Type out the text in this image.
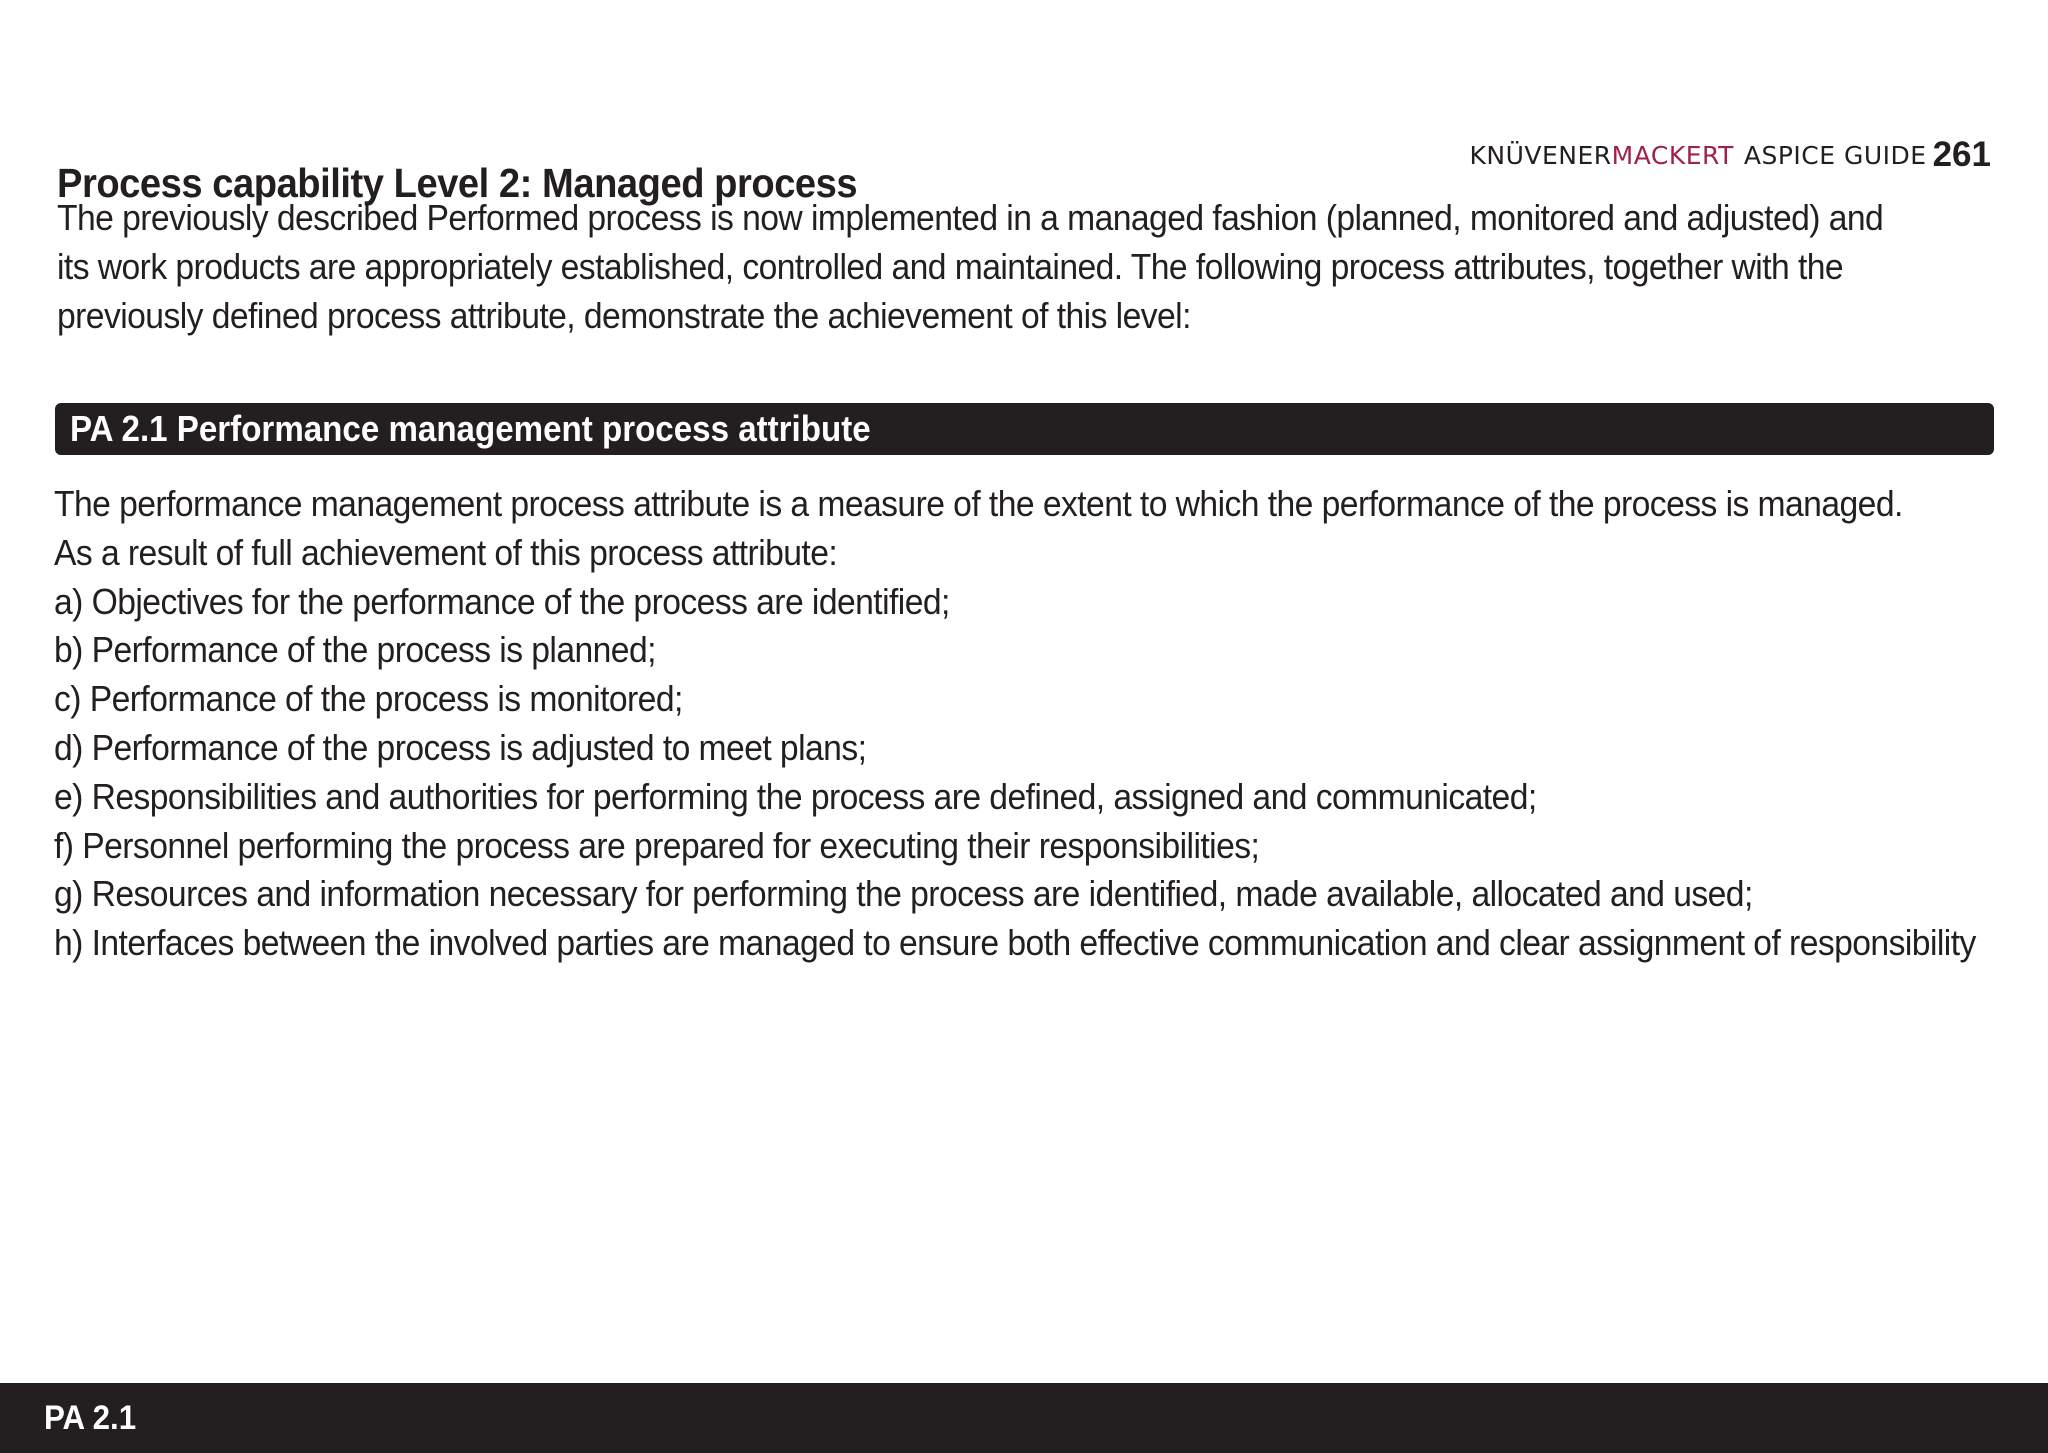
Process capability Level 2: Managed process
KNÜVENER MACKERT ASPICE GUIDE 261

The previously described Performed process is now implemented in a managed fashion (planned, monitored and adjusted) and its work products are appropriately established, controlled and maintained. The following process attributes, together with the previously defined process attribute, demonstrate the achievement of this level:

PA 2.1 Performance management process attribute
The performance management process attribute is a measure of the extent to which the performance of the process is managed.
As a result of full achievement of this process attribute:
a) Objectives for the performance of the process are identified;
b) Performance of the process is planned;
c) Performance of the process is monitored;
d) Performance of the process is adjusted to meet plans;
e) Responsibilities and authorities for performing the process are defined, assigned and communicated;
f) Personnel performing the process are prepared for executing their responsibilities;
g) Resources and information necessary for performing the process are identified, made available, allocated and used;
h) Interfaces between the involved parties are managed to ensure both effective communication and clear assignment of responsibility
PA 2.1
